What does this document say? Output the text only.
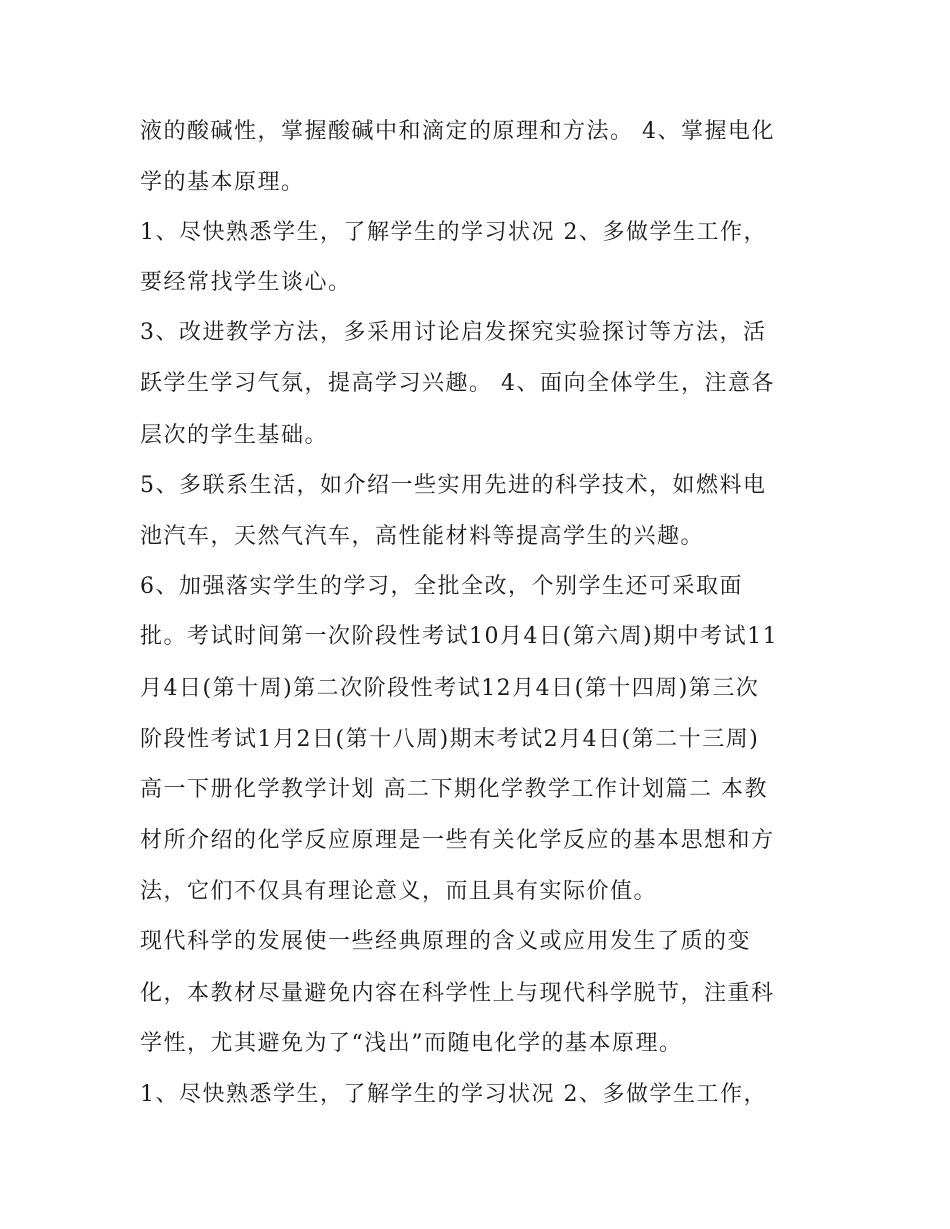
液的酸碱性，掌握酸碱中和滴定的原理和方法。 4、掌握电化
学的基本原理。
1、尽快熟悉学生，了解学生的学习状况 2、多做学生工作，
要经常找学生谈心。
3、改进教学方法，多采用讨论启发探究实验探讨等方法，活
跃学生学习气氛，提高学习兴趣。 4、面向全体学生，注意各
层次的学生基础。
5、多联系生活，如介绍一些实用先进的科学技术，如燃料电
池汽车，天然气汽车，高性能材料等提高学生的兴趣。
6、加强落实学生的学习，全批全改，个别学生还可采取面
批。考试时间第一次阶段性考试10月4日(第六周)期中考试11
月4日(第十周)第二次阶段性考试12月4日(第十四周)第三次
阶段性考试1月2日(第十八周)期末考试2月4日(第二十三周)
高一下册化学教学计划 高二下期化学教学工作计划篇二 本教
材所介绍的化学反应原理是一些有关化学反应的基本思想和方
法，它们不仅具有理论意义，而且具有实际价值。
现代科学的发展使一些经典原理的含义或应用发生了质的变
化，本教材尽量避免内容在科学性上与现代科学脱节，注重科
学性，尤其避免为了“浅出”而随电化学的基本原理。
1、尽快熟悉学生，了解学生的学习状况 2、多做学生工作，
